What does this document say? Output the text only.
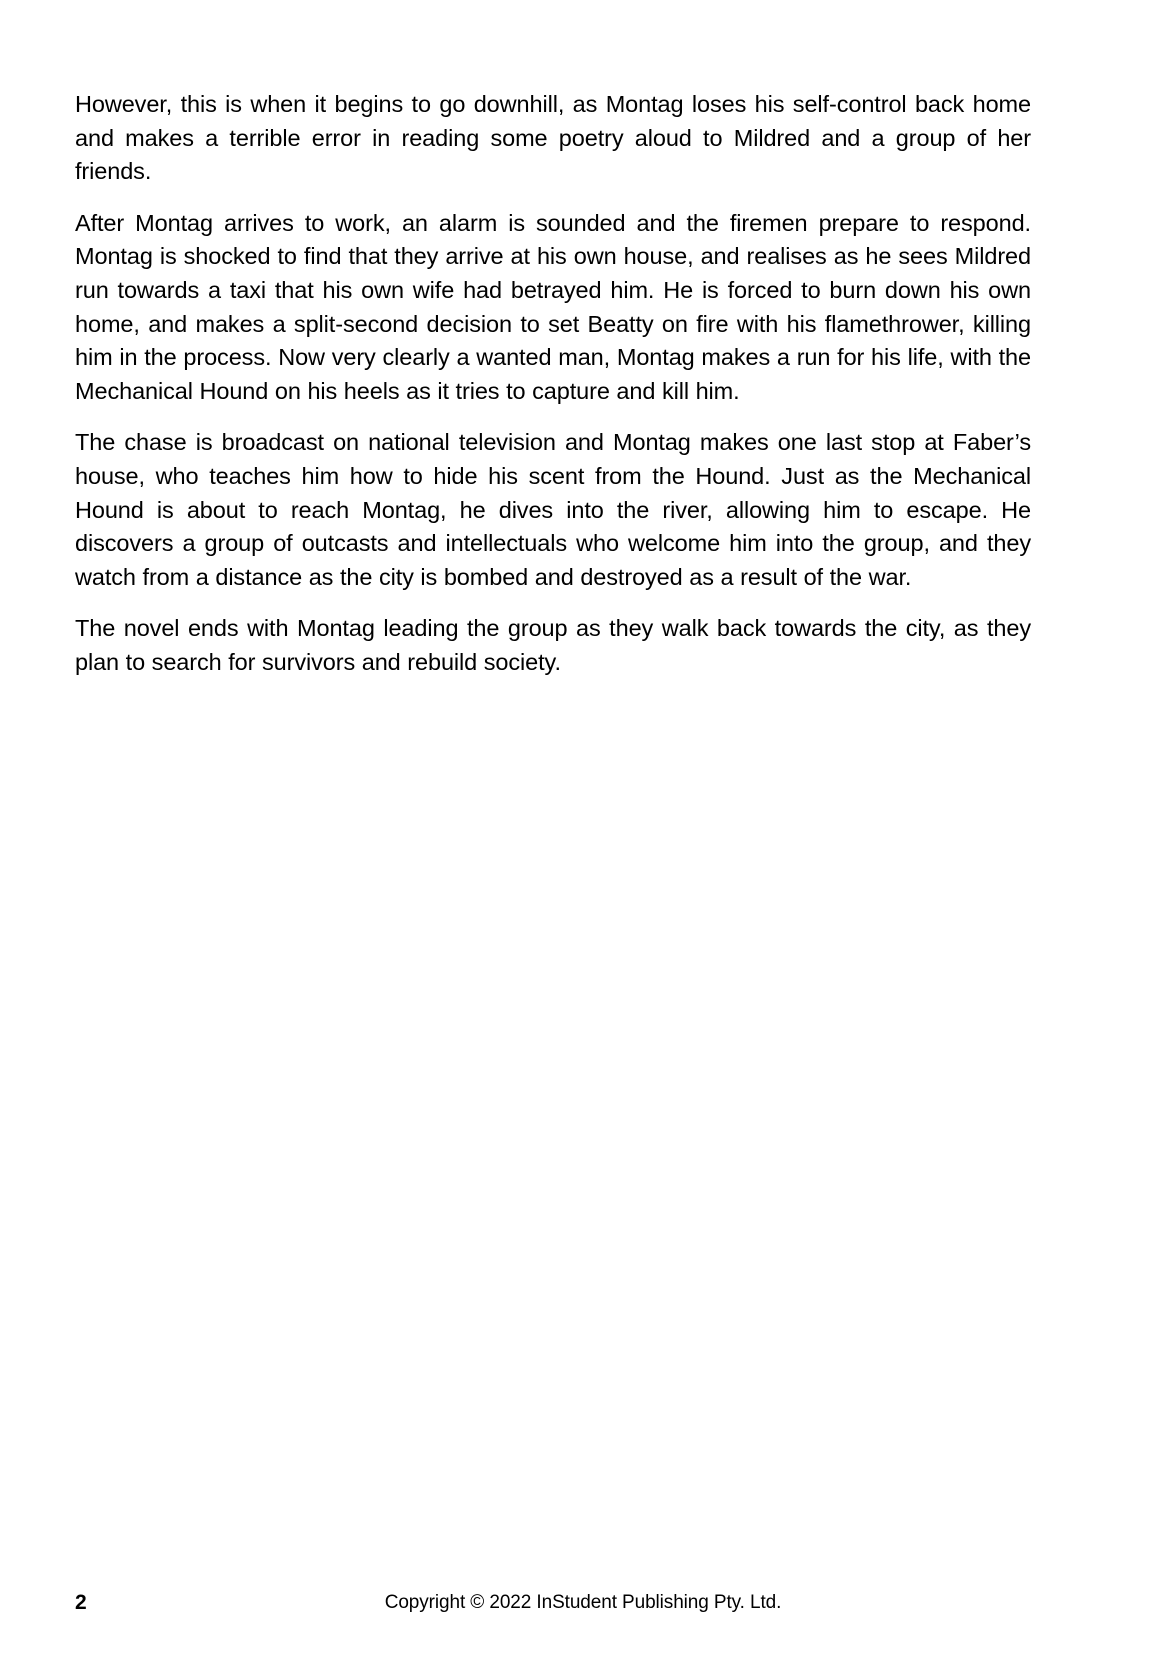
However, this is when it begins to go downhill, as Montag loses his self-control back home and makes a terrible error in reading some poetry aloud to Mildred and a group of her friends.

After Montag arrives to work, an alarm is sounded and the firemen prepare to respond. Montag is shocked to find that they arrive at his own house, and realises as he sees Mildred run towards a taxi that his own wife had betrayed him. He is forced to burn down his own home, and makes a split-second decision to set Beatty on fire with his flamethrower, killing him in the process. Now very clearly a wanted man, Montag makes a run for his life, with the Mechanical Hound on his heels as it tries to capture and kill him.

The chase is broadcast on national television and Montag makes one last stop at Faber’s house, who teaches him how to hide his scent from the Hound. Just as the Mechanical Hound is about to reach Montag, he dives into the river, allowing him to escape. He discovers a group of outcasts and intellectuals who welcome him into the group, and they watch from a distance as the city is bombed and destroyed as a result of the war.

The novel ends with Montag leading the group as they walk back towards the city, as they plan to search for survivors and rebuild society.

2	Copyright © 2022 InStudent Publishing Pty. Ltd.
